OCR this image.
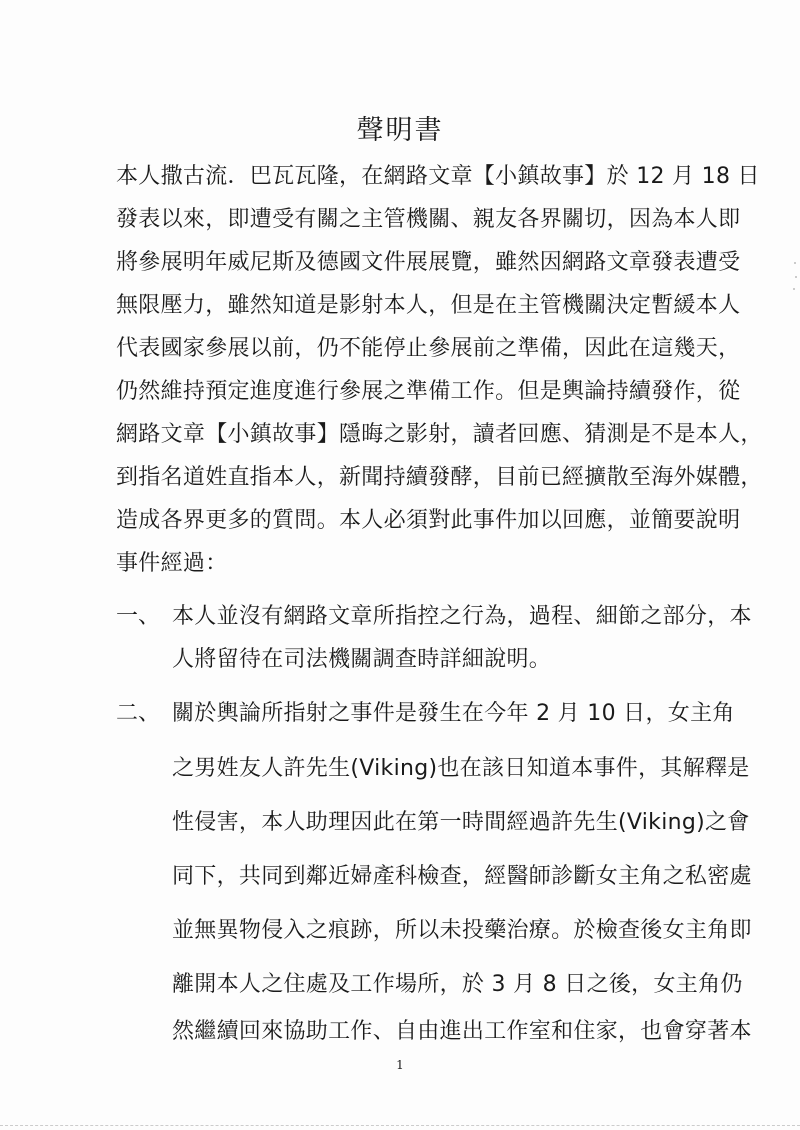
聲明書
本人撒古流．巴瓦瓦隆，在網路文章【小鎮故事】於 12 月 18 日
發表以來，即遭受有關之主管機關、親友各界關切，因為本人即
將參展明年威尼斯及德國文件展展覽，雖然因網路文章發表遭受
無限壓力，雖然知道是影射本人，但是在主管機關決定暫緩本人
代表國家參展以前，仍不能停止參展前之準備，因此在這幾天，
仍然維持預定進度進行參展之準備工作。但是輿論持續發作，從
網路文章【小鎮故事】隱晦之影射，讀者回應、猜測是不是本人，
到指名道姓直指本人，新聞持續發酵，目前已經擴散至海外媒體，
造成各界更多的質問。本人必須對此事件加以回應，並簡要說明
事件經過：
一、 本人並沒有網路文章所指控之行為，過程、細節之部分，本
人將留待在司法機關調查時詳細說明。
二、 關於輿論所指射之事件是發生在今年 2 月 10 日，女主角
之男姓友人許先生(Viking)也在該日知道本事件，其解釋是
性侵害，本人助理因此在第一時間經過許先生(Viking)之會
同下，共同到鄰近婦產科檢查，經醫師診斷女主角之私密處
並無異物侵入之痕跡，所以未投藥治療。於檢查後女主角即
離開本人之住處及工作場所，於 3 月 8 日之後，女主角仍
然繼續回來協助工作、自由進出工作室和住家，也會穿著本
1
